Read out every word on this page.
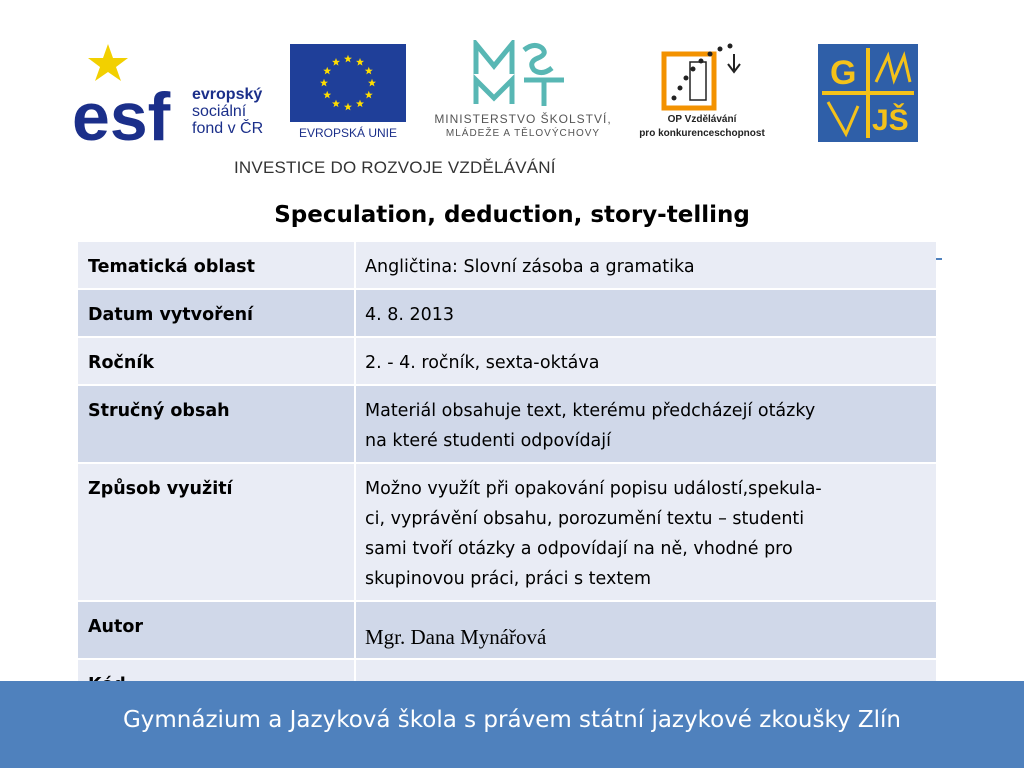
esf evropský
sociální
fond v ČR	EVROPSKÁ UNIE
MINISTERSTVO ŠKOLSTVÍ,
MLÁDEŽE A TĚLOVÝCHOVY
OP Vzdělávání
pro konkurenceschopnost
G
JŠ
INVESTICE DO ROZVOJE VZDĚLÁVÁNÍ
Speculation, deduction, story-telling
Tematická oblast	Angličtina: Slovní zásoba a gramatika
Datum vytvoření	4. 8. 2013
Ročník	2. - 4. ročník, sexta-oktáva
Stručný obsah	Materiál obsahuje text, kterému předcházejí otázky
na které studenti odpovídají

Způsob využití	Možno využít při opakování popisu událostí,spekula-
ci, vyprávění obsahu, porozumění textu – studenti
sami tvoří otázky a odpovídají na ně, vhodné pro
skupinovou práci, práci s textem

Autor	Mgr. Dana Mynářová

Gymnázium a Jazyková škola s právem státní jazykové zkoušky Zlín
